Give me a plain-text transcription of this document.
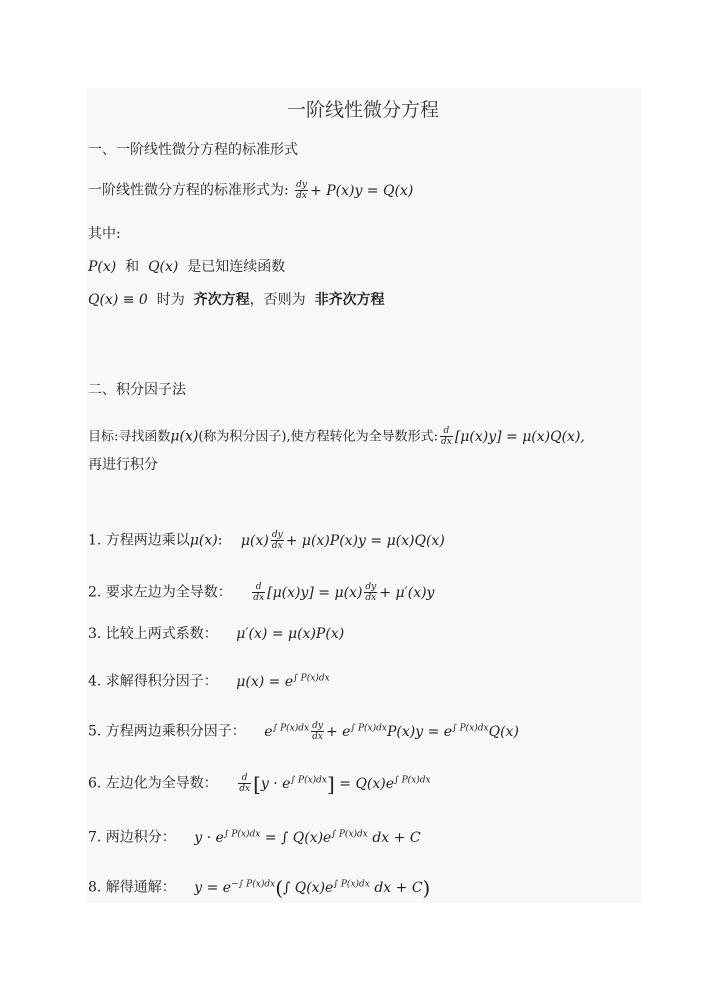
一阶线性微分方程
一、一阶线性微分方程的标准形式
一阶线性微分方程的标准形式为: $\frac{dy}{dx} + P(x)y = Q(x)$
其中:
P(x) 和 Q(x) 是已知连续函数
Q(x) ≡ 0 时为 齐次方程，否则为 非齐次方程
二、积分因子法
目标:寻找函数μ(x)(称为积分因子),使方程转化为全导数形式: $\frac{d}{dx} [\mu(x)y] = \mu(x)Q(x)$,
再进行积分
1. 方程两边乘以μ(x): $\mu(x) \frac{dy}{dx} + \mu(x)P(x)y = \mu(x)Q(x)$
2. 要求左边为全导数： $\frac{d}{dx} [\mu(x)y] = \mu(x) \frac{dy}{dx} + \mu'(x)y$
3. 比较上两式系数： μ′(x) = μ(x)P(x)
4. 求解得积分因子： $\mu(x) = e^{\int P(x)dx}$
5. 方程两边乘积分因子： $e^{\int P(x)dx} \frac{dy}{dx} + e^{\int P(x)dx}P(x)y = e^{\int P(x)dx}Q(x)$
6. 左边化为全导数： $\frac{d}{dx} [y \cdot e^{\int P(x)dx}] = Q(x)e^{\int P(x)dx}$
7. 两边积分： $y \cdot e^{\int P(x)dx}$ = ∫ $Q(x)e^{\int P(x)dx}$ dx + C
8. 解得通解： $y = e^{-\int P(x)dx}(\int$ $Q(x)e^{\int P(x)dx}$ dx + C)
